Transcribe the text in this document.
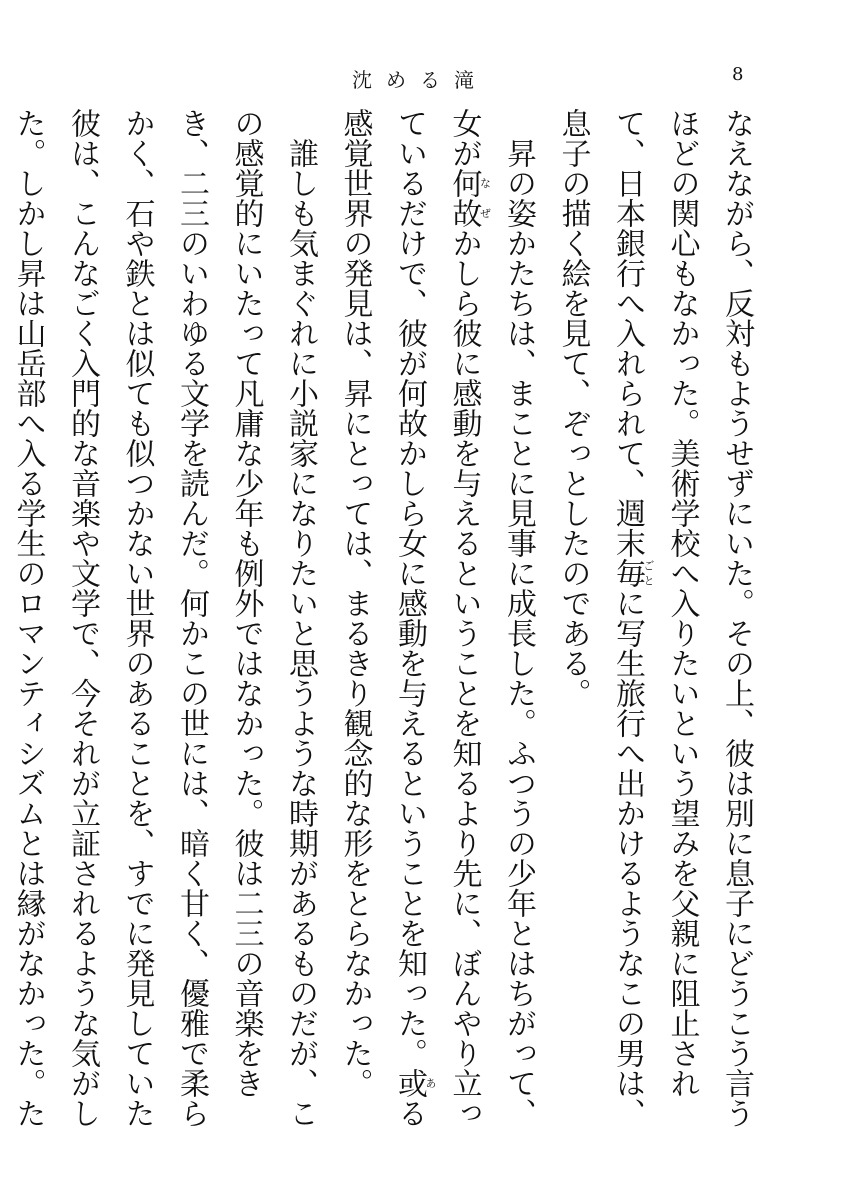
沈める滝	8

なえながら、反対もようせずにいた。その上、彼は別に息子にどうこう言うほどの関心もなかった。美術学校へ入りたいという望みを父親に阻止されて、日本銀行へ入れられて、週末毎ごとに写生旅行へ出かけるようなこの男は、息子の描く絵を見て、ぞっとしたのである。

昇の姿かたちは、まことに見事に成長した。ふつうの少年とはちがって、女が何故なぜかしら彼に感動を与えるということを知るより先に、ぼんやり立っているだけで、彼が何故かしら女に感動を与えるということを知った。或ある感覚世界の発見は、昇にとっては、まるきり観念的な形をとらなかった。

誰しも気まぐれに小説家になりたいと思うような時期があるものだが、この感覚的にいたって凡庸な少年も例外ではなかった。彼は二三の音楽をきき、二三のいわゆる文学を読んだ。何かこの世には、暗く甘く、優雅で柔らかく、石や鉄とは似ても似つかない世界のあることを、すでに発見していた彼は、こんなごく入門的な音楽や文学で、今それが立証されるような気がした。しかし昇は山岳部へ入る学生のロマンティシズムとは縁がなかった。た
